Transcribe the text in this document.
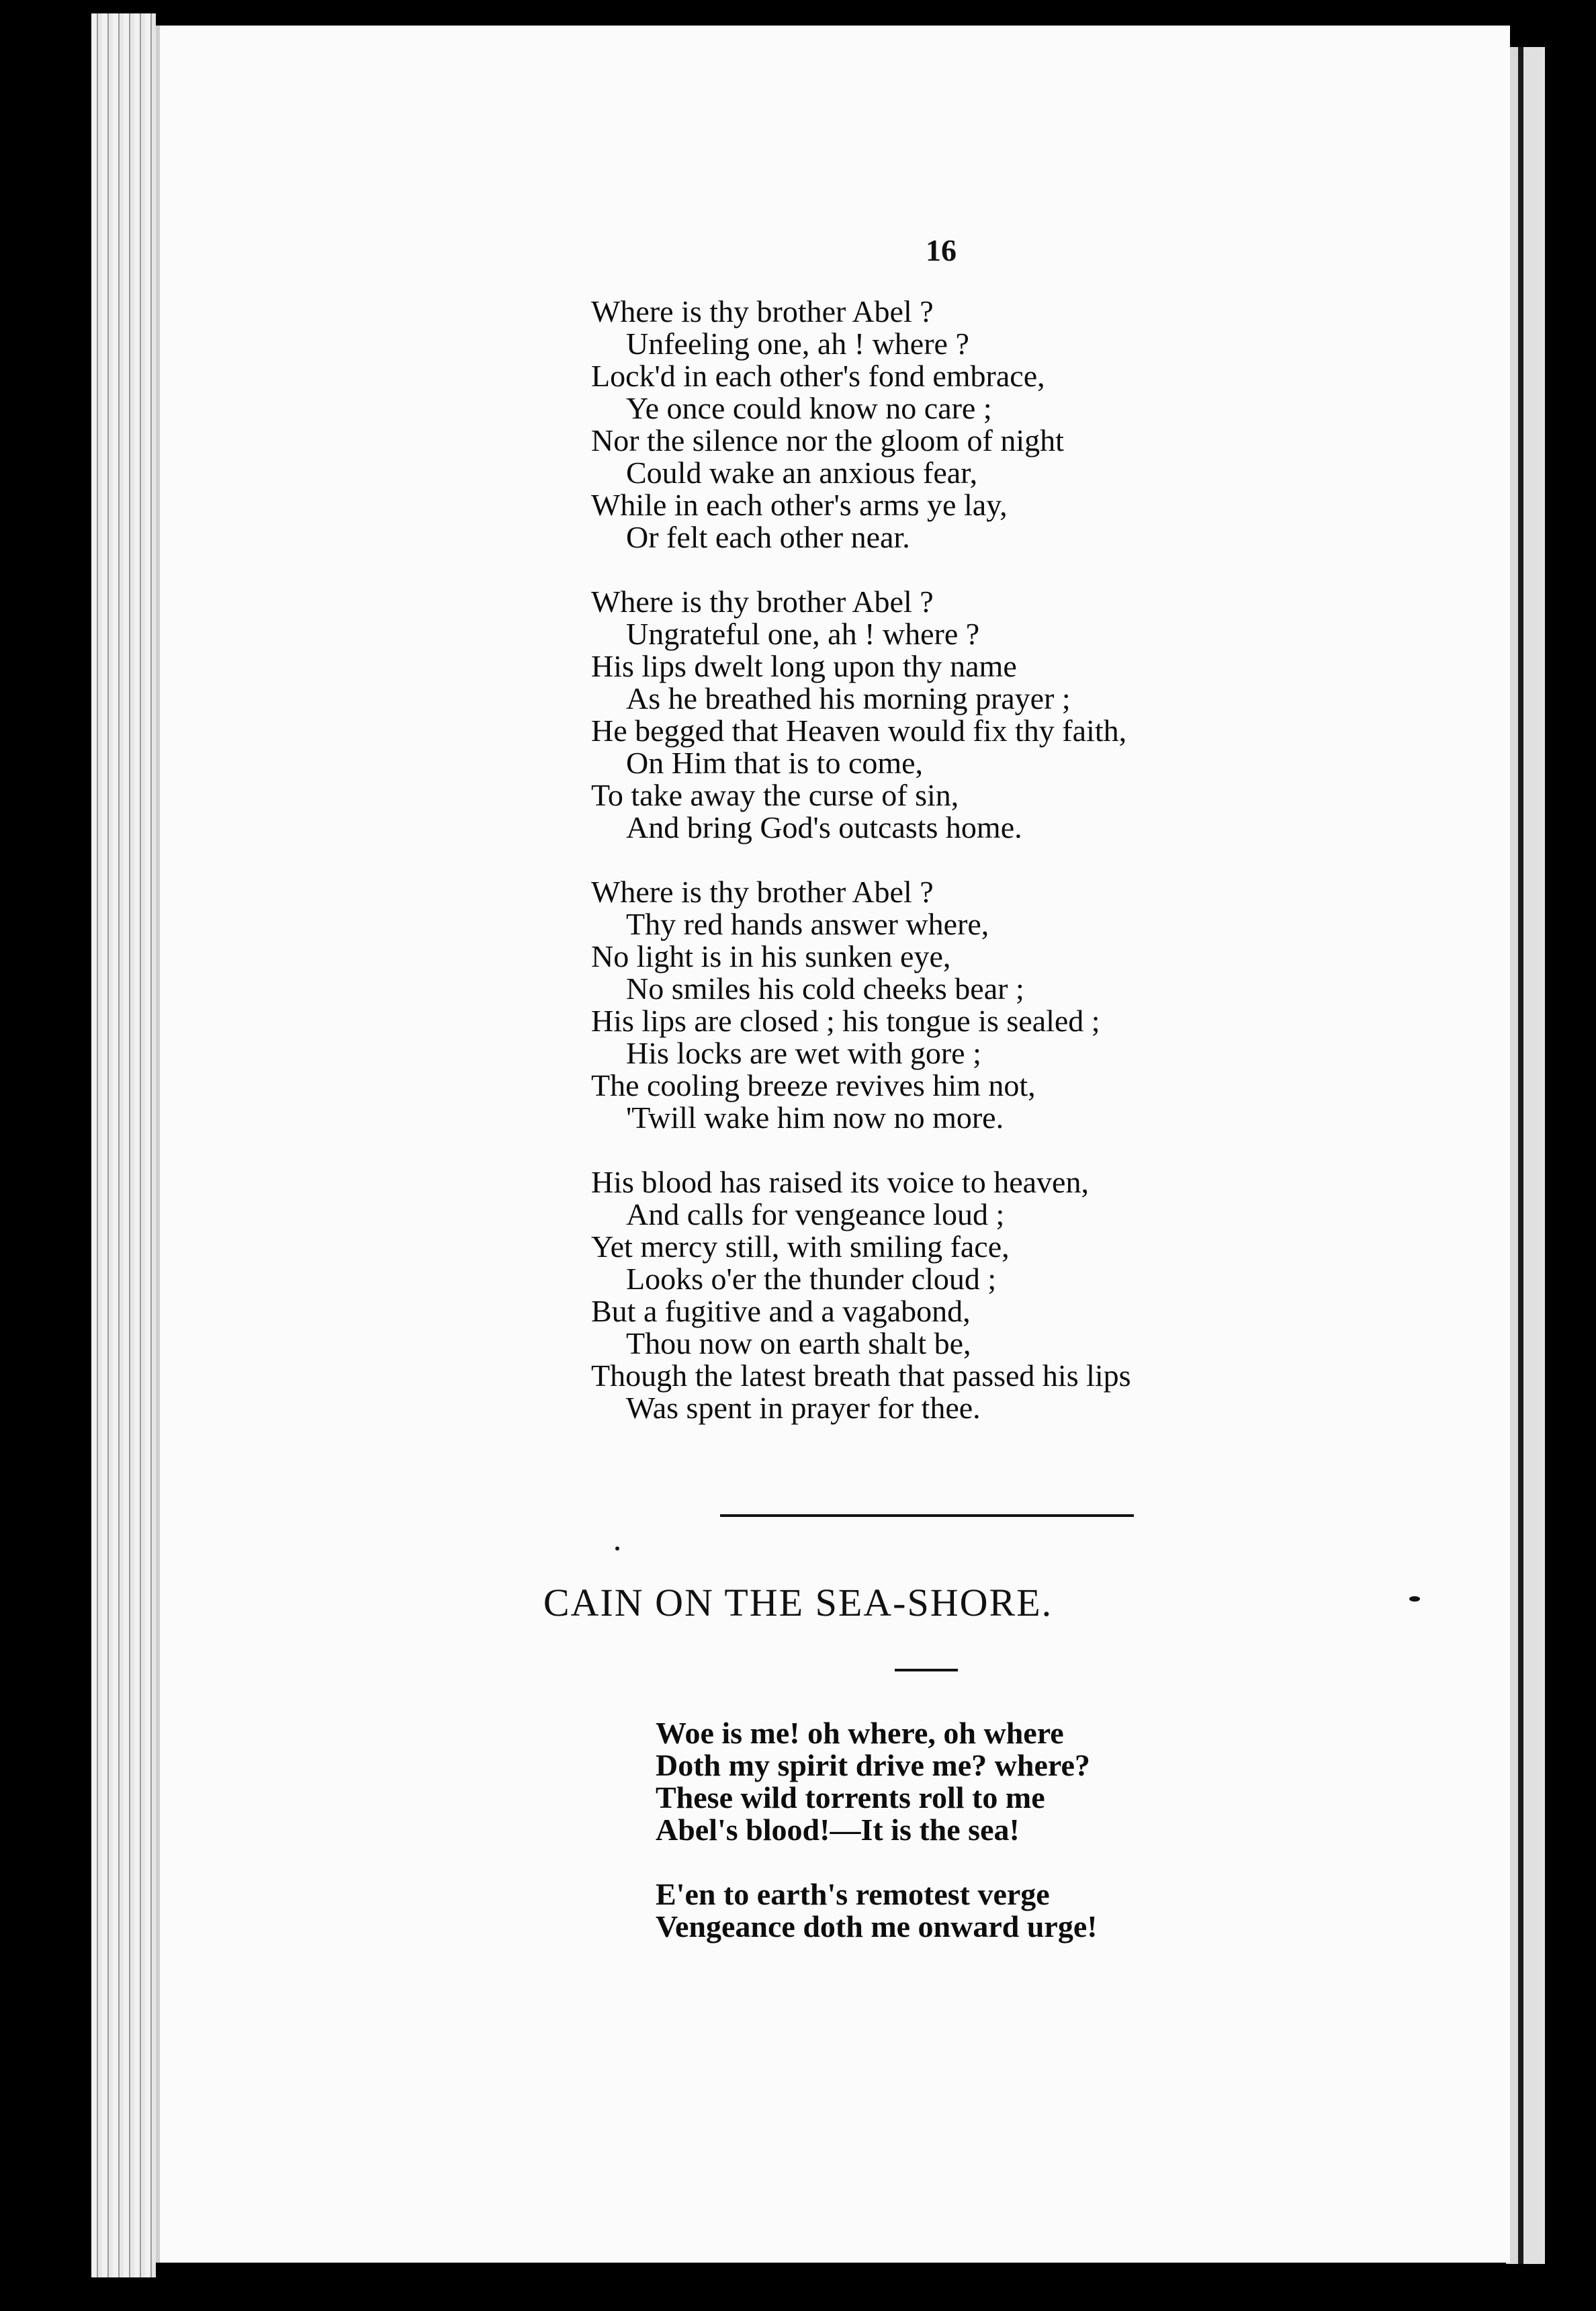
16
Where is thy brother Abel ?
Unfeeling one, ah ! where ?
Lock'd in each other's fond embrace,
Ye once could know no care ;
Nor the silence nor the gloom of night
Could wake an anxious fear,
While in each other's arms ye lay,
Or felt each other near.
Where is thy brother Abel ?
Ungrateful one, ah ! where ?
His lips dwelt long upon thy name
As he breathed his morning prayer ;
He begged that Heaven would fix thy faith,
On Him that is to come,
To take away the curse of sin,
And bring God's outcasts home.
Where is thy brother Abel ?
Thy red hands answer where,
No light is in his sunken eye,
No smiles his cold cheeks bear ;
His lips are closed ; his tongue is sealed ;
His locks are wet with gore ;
The cooling breeze revives him not,
'Twill wake him now no more.
His blood has raised its voice to heaven,
And calls for vengeance loud ;
Yet mercy still, with smiling face,
Looks o'er the thunder cloud ;
But a fugitive and a vagabond,
Thou now on earth shalt be,
Though the latest breath that passed his lips
Was spent in prayer for thee.
CAIN ON THE SEA-SHORE.
Woe is me! oh where, oh where
Doth my spirit drive me? where?
These wild torrents roll to me
Abel's blood!—It is the sea!
E'en to earth's remotest verge
Vengeance doth me onward urge!
